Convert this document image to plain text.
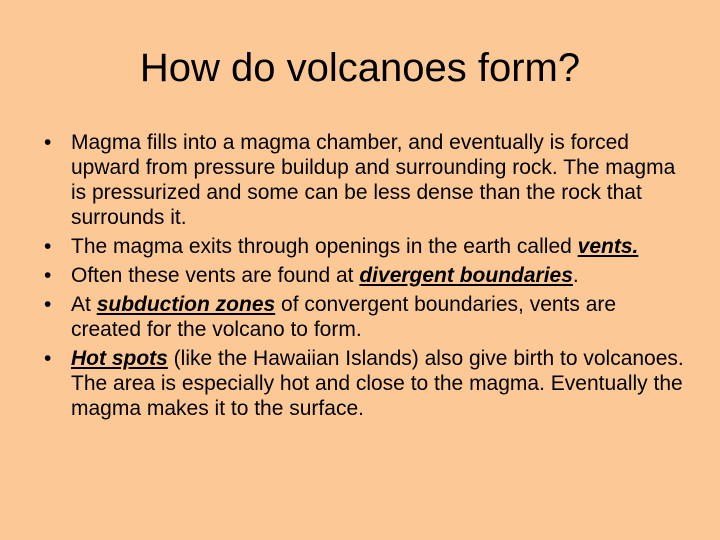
How do volcanoes form?
• Magma fills into a magma chamber, and eventually is forced upward from pressure buildup and surrounding rock. The magma is pressurized and some can be less dense than the rock that surrounds it.
• The magma exits through openings in the earth called vents.
• Often these vents are found at divergent boundaries.
• At subduction zones of convergent boundaries, vents are created for the volcano to form.
• Hot spots (like the Hawaiian Islands) also give birth to volcanoes. The area is especially hot and close to the magma. Eventually the magma makes it to the surface.
